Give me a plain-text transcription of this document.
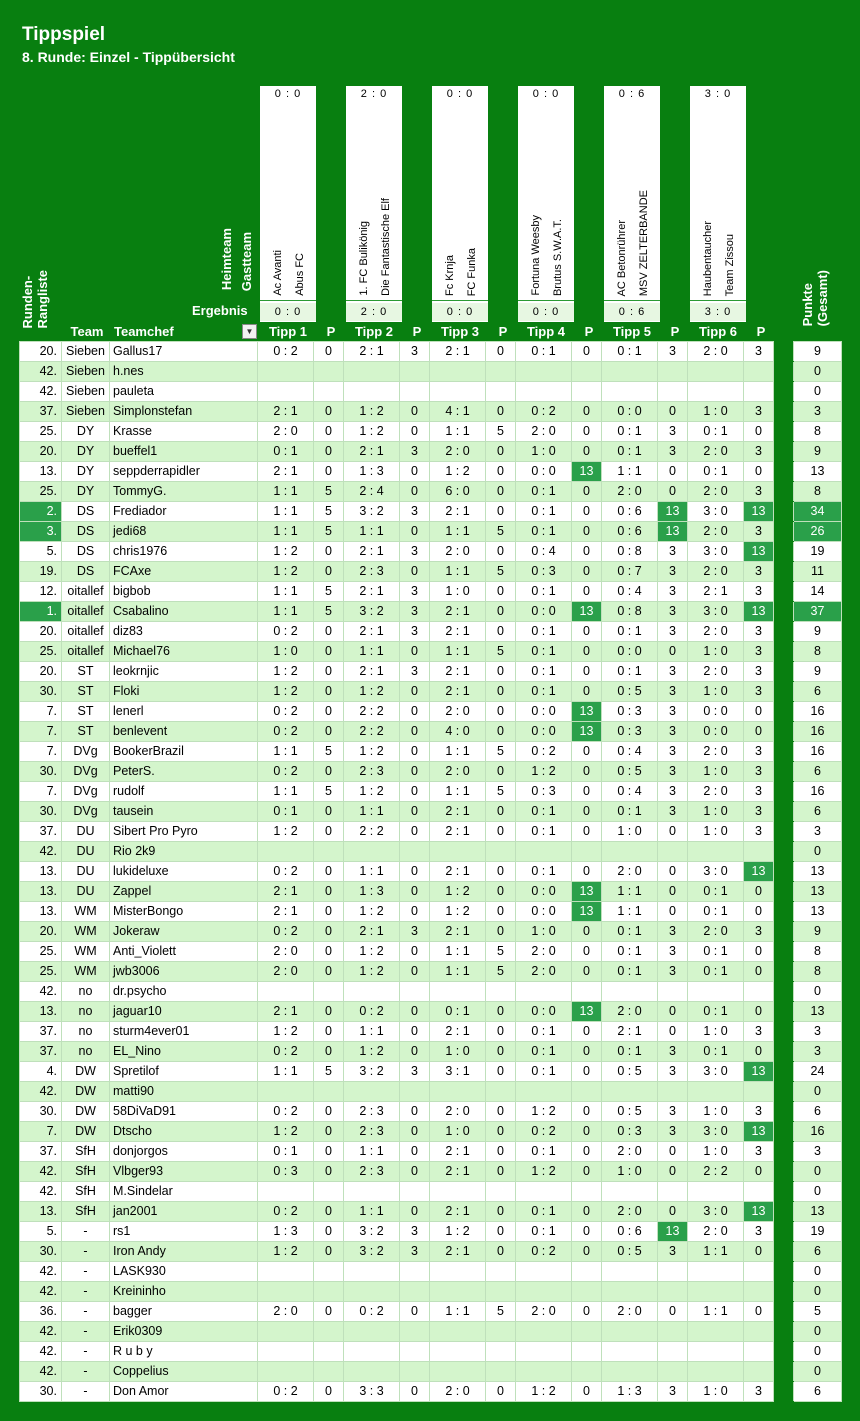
Tippspiel
8. Runde: Einzel - Tippübersicht
Runden-
Rangliste
Heimteam Gastteam
Ergebnis	Punkte
(Gesamt)
0 : 0
Ac Avanti Abus FC
0 : 0
2 : 0
1. FC Bulikönig Die Fantastische Elf
2 : 0
0 : 0
Fc Krnja FC Funka
0 : 0
0 : 0
Fortuna Weesby Brutus S.W.A.T.
0 : 0
0 : 6
AC Betonrührer MSV ZELTERBANDE
0 : 6
3 : 0
Haubentaucher Team Zissou
3 : 0
Team Teamchef	▼	Tipp 1	P	Tipp 2	P	Tipp 3	P	Tipp 4	P	Tipp 5	P	Tipp 6	P
20.	Sieben	Gallus17	0 : 2	0	2 : 1	3	2 : 1	0	0 : 1	0	0 : 1	3	2 : 0	3		9
42.	Sieben	h.nes														0
42.	Sieben	pauleta														0
37.	Sieben	Simplonstefan	2 : 1	0	1 : 2	0	4 : 1	0	0 : 2	0	0 : 0	0	1 : 0	3		3
25.	DY	Krasse	2 : 0	0	1 : 2	0	1 : 1	5	2 : 0	0	0 : 1	3	0 : 1	0		8
20.	DY	bueffel1	0 : 1	0	2 : 1	3	2 : 0	0	1 : 0	0	0 : 1	3	2 : 0	3		9
13.	DY	seppderrapidler	2 : 1	0	1 : 3	0	1 : 2	0	0 : 0	13	1 : 1	0	0 : 1	0		13
25.	DY	TommyG.	1 : 1	5	2 : 4	0	6 : 0	0	0 : 1	0	2 : 0	0	2 : 0	3		8
2.	DS	Frediador	1 : 1	5	3 : 2	3	2 : 1	0	0 : 1	0	0 : 6	13	3 : 0	13		34
3.	DS	jedi68	1 : 1	5	1 : 1	0	1 : 1	5	0 : 1	0	0 : 6	13	2 : 0	3		26
5.	DS	chris1976	1 : 2	0	2 : 1	3	2 : 0	0	0 : 4	0	0 : 8	3	3 : 0	13		19
19.	DS	FCAxe	1 : 2	0	2 : 3	0	1 : 1	5	0 : 3	0	0 : 7	3	2 : 0	3		11
12.	oitallef	bigbob	1 : 1	5	2 : 1	3	1 : 0	0	0 : 1	0	0 : 4	3	2 : 1	3		14
1.	oitallef	Csabalino	1 : 1	5	3 : 2	3	2 : 1	0	0 : 0	13	0 : 8	3	3 : 0	13		37
20.	oitallef	diz83	0 : 2	0	2 : 1	3	2 : 1	0	0 : 1	0	0 : 1	3	2 : 0	3		9
25.	oitallef	Michael76	1 : 0	0	1 : 1	0	1 : 1	5	0 : 1	0	0 : 0	0	1 : 0	3		8
20.	ST	leokrnjic	1 : 2	0	2 : 1	3	2 : 1	0	0 : 1	0	0 : 1	3	2 : 0	3		9
30.	ST	Floki	1 : 2	0	1 : 2	0	2 : 1	0	0 : 1	0	0 : 5	3	1 : 0	3		6
7.	ST	lenerl	0 : 2	0	2 : 2	0	2 : 0	0	0 : 0	13	0 : 3	3	0 : 0	0		16
7.	ST	benlevent	0 : 2	0	2 : 2	0	4 : 0	0	0 : 0	13	0 : 3	3	0 : 0	0		16
7.	DVg	BookerBrazil	1 : 1	5	1 : 2	0	1 : 1	5	0 : 2	0	0 : 4	3	2 : 0	3		16
30.	DVg	PeterS.	0 : 2	0	2 : 3	0	2 : 0	0	1 : 2	0	0 : 5	3	1 : 0	3		6
7.	DVg	rudolf	1 : 1	5	1 : 2	0	1 : 1	5	0 : 3	0	0 : 4	3	2 : 0	3		16
30.	DVg	tausein	0 : 1	0	1 : 1	0	2 : 1	0	0 : 1	0	0 : 1	3	1 : 0	3		6
37.	DU	Sibert Pro Pyro	1 : 2	0	2 : 2	0	2 : 1	0	0 : 1	0	1 : 0	0	1 : 0	3		3
42.	DU	Rio 2k9														0
13.	DU	lukideluxe	0 : 2	0	1 : 1	0	2 : 1	0	0 : 1	0	2 : 0	0	3 : 0	13		13
13.	DU	Zappel	2 : 1	0	1 : 3	0	1 : 2	0	0 : 0	13	1 : 1	0	0 : 1	0		13
13.	WM	MisterBongo	2 : 1	0	1 : 2	0	1 : 2	0	0 : 0	13	1 : 1	0	0 : 1	0		13
20.	WM	Jokeraw	0 : 2	0	2 : 1	3	2 : 1	0	1 : 0	0	0 : 1	3	2 : 0	3		9
25.	WM	Anti_Violett	2 : 0	0	1 : 2	0	1 : 1	5	2 : 0	0	0 : 1	3	0 : 1	0		8
25.	WM	jwb3006	2 : 0	0	1 : 2	0	1 : 1	5	2 : 0	0	0 : 1	3	0 : 1	0		8
42.	no	dr.psycho														0
13.	no	jaguar10	2 : 1	0	0 : 2	0	0 : 1	0	0 : 0	13	2 : 0	0	0 : 1	0		13
37.	no	sturm4ever01	1 : 2	0	1 : 1	0	2 : 1	0	0 : 1	0	2 : 1	0	1 : 0	3		3
37.	no	EL_Nino	0 : 2	0	1 : 2	0	1 : 0	0	0 : 1	0	0 : 1	3	0 : 1	0		3
4.	DW	Spretilof	1 : 1	5	3 : 2	3	3 : 1	0	0 : 1	0	0 : 5	3	3 : 0	13		24
42.	DW	matti90														0
30.	DW	58DiVaD91	0 : 2	0	2 : 3	0	2 : 0	0	1 : 2	0	0 : 5	3	1 : 0	3		6
7.	DW	Dtscho	1 : 2	0	2 : 3	0	1 : 0	0	0 : 2	0	0 : 3	3	3 : 0	13		16
37.	SfH	donjorgos	0 : 1	0	1 : 1	0	2 : 1	0	0 : 1	0	2 : 0	0	1 : 0	3		3
42.	SfH	Vlbger93	0 : 3	0	2 : 3	0	2 : 1	0	1 : 2	0	1 : 0	0	2 : 2	0		0
42.	SfH	M.Sindelar														0
13.	SfH	jan2001	0 : 2	0	1 : 1	0	2 : 1	0	0 : 1	0	2 : 0	0	3 : 0	13		13
5.	-	rs1	1 : 3	0	3 : 2	3	1 : 2	0	0 : 1	0	0 : 6	13	2 : 0	3		19
30.	-	Iron Andy	1 : 2	0	3 : 2	3	2 : 1	0	0 : 2	0	0 : 5	3	1 : 1	0		6
42.	-	LASK930														0
42.	-	Kreininho														0
36.	-	bagger	2 : 0	0	0 : 2	0	1 : 1	5	2 : 0	0	2 : 0	0	1 : 1	0		5
42.	-	Erik0309														0
42.	-	R u b y														0
42.	-	Coppelius														0
30.	-	Don Amor	0 : 2	0	3 : 3	0	2 : 0	0	1 : 2	0	1 : 3	3	1 : 0	3		6
